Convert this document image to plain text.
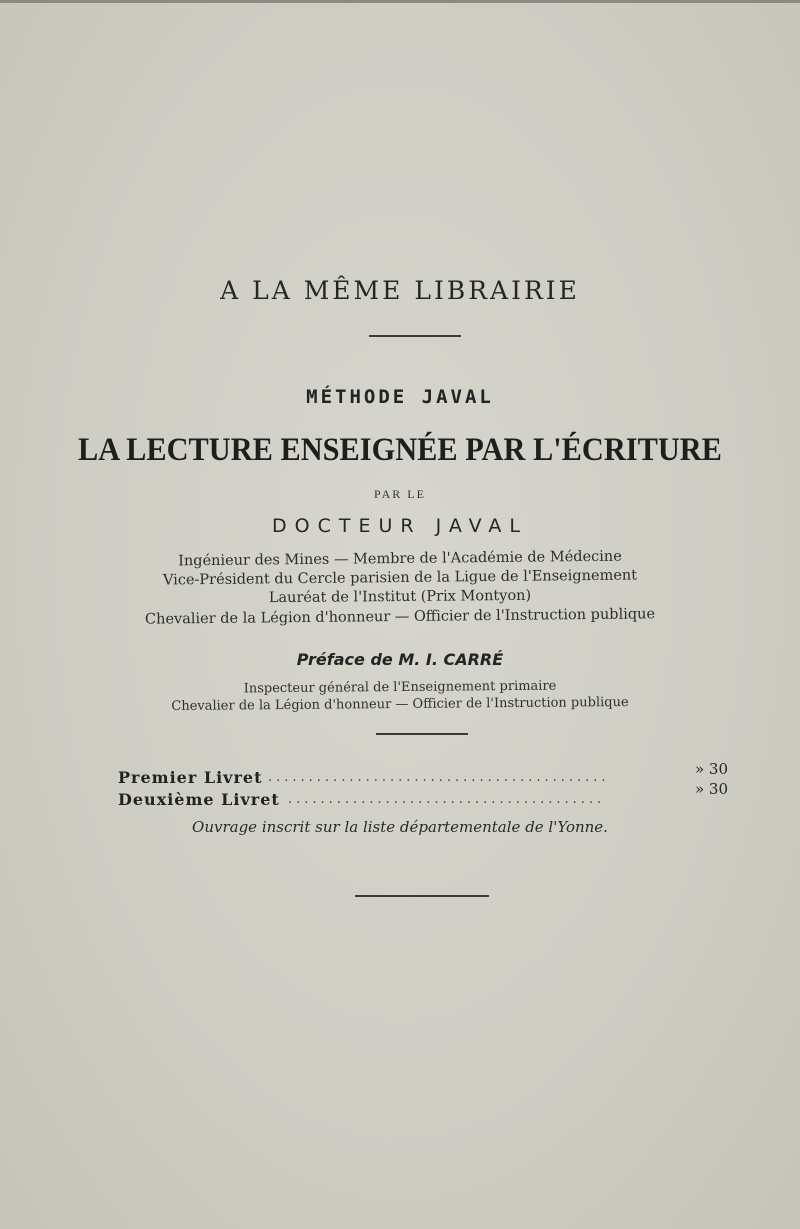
A LA MÊME LIBRAIRIE
MÉTHODE JAVAL
LA LECTURE ENSEIGNÉE PAR L'ÉCRITURE
PAR LE
DOCTEUR JAVAL
Ingénieur des Mines — Membre de l'Académie de Médecine
Vice-Président du Cercle parisien de la Ligue de l'Enseignement
Lauréat de l'Institut (Prix Montyon)
Chevalier de la Légion d'honneur — Officier de l'Instruction publique
Préface de M. I. CARRÉ
Inspecteur général de l'Enseignement primaire
Chevalier de la Légion d'honneur — Officier de l'Instruction publique
Premier Livret ..........................................	» 30
Deuxième Livret .......................................
» 30
Ouvrage inscrit sur la liste départementale de l'Yonne.
